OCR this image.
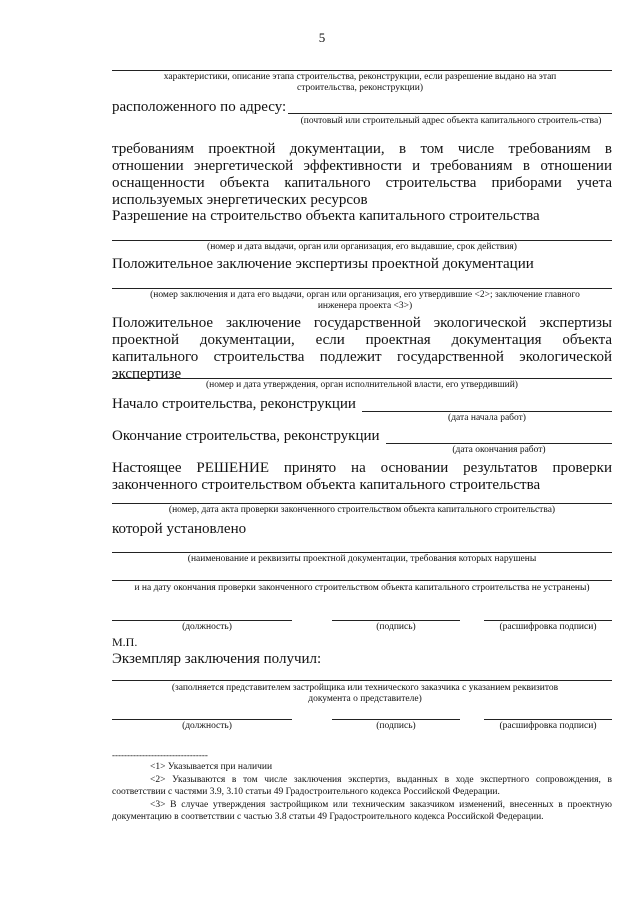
5
характеристики, описание этапа строительства, реконструкции, если разрешение выдано на этап строительства, реконструкции)
расположенного по адресу:
(почтовый или строительный адрес объекта капитального строитель-ства)
требованиям проектной документации, в том числе требованиям в отношении энергетической эффективности и требованиям в отношении оснащенности объекта капитального строительства приборами учета используемых энергетических ресурсов
Разрешение на строительство объекта капитального строительства
(номер и дата выдачи, орган или организация, его выдавшие, срок действия)
Положительное заключение экспертизы проектной документации
(номер заключения и дата его выдачи, орган или организация, его утвердившие <2>; заключение главного инженера проекта <3>)
Положительное заключение государственной экологической экспертизы проектной документации, если проектная документация объекта капитального строительства подлежит государственной экологической экспертизе
(номер и дата утверждения, орган исполнительной власти, его утвердивший)
Начало строительства, реконструкции
(дата начала работ)
Окончание строительства, реконструкции
(дата окончания работ)
Настоящее РЕШЕНИЕ принято на основании результатов проверки законченного строительством объекта капитального строительства
(номер, дата акта проверки законченного строительством объекта капитального строительства)
которой установлено
(наименование и реквизиты проектной документации, требования которых нарушены
и на дату окончания проверки законченного строительством объекта капитального строительства не устранены)
(должность)	(подпись)	(расшифровка подписи)
М.П.
Экземпляр заключения получил:
(заполняется представителем застройщика или технического заказчика с указанием реквизитов документа о представителе)
(должность)	(подпись)	(расшифровка подписи)
--------------------------------
<1> Указывается при наличии
<2> Указываются в том числе заключения экспертиз, выданных в ходе экспертного сопровождения, в соответствии с частями 3.9, 3.10 статьи 49 Градостроительного кодекса Российской Федерации.
<3> В случае утверждения застройщиком или техническим заказчиком изменений, внесенных в проектную документацию в соответствии с частью 3.8 статьи 49 Градостроительного кодекса Российской Федерации.
